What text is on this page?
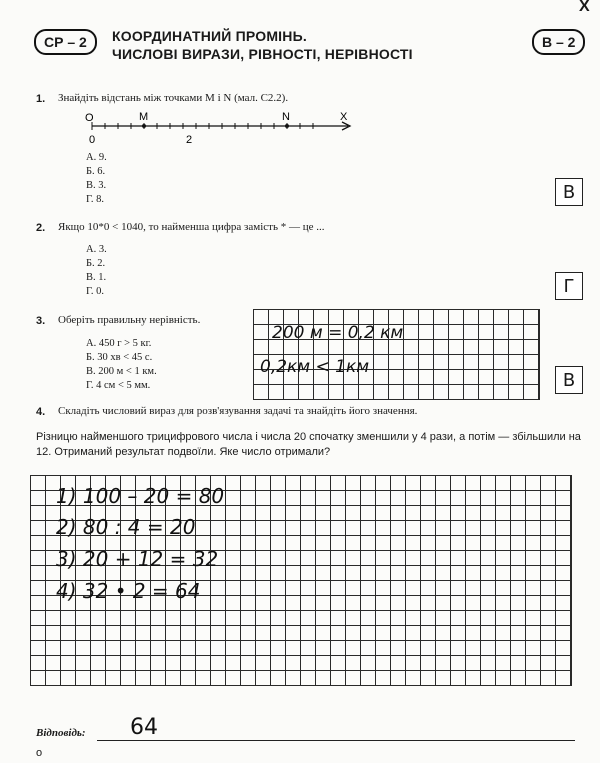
X
СР – 2	КООРДИНАТНИЙ ПРОМІНЬ.
ЧИСЛОВІ ВИРАЗИ, РІВНОСТІ, НЕРІВНОСТІ
В – 2
1. Знайдіть відстань між точками M і N (мал. С2.2).
O	M	N	X
0	2
А. 9.
Б. 6.
В. 3.
Г. 8.	В
2. Якщо 10*0 < 1040, то найменша цифра замість * — це ...
А. 3.
Б. 2.
В. 1.
Г. 0.	Г
3. Оберіть правильну нерівність.
А. 450 г > 5 кг.
Б. 30 хв < 45 с.
В. 200 м < 1 км.
Г. 4 см < 5 мм.
200 м = 0,2 км
0,2км < 1км
В
4. Складіть числовий вираз для розв'язування задачі та знайдіть його значення.
Різницю найменшого трицифрового числа і числа 20 спочатку зменшили у 4 рази, а потім — збільшили на 12. Отриманий результат подвоїли. Яке число отримали?
1) 100 – 20 = 80
2) 80 : 4 = 20
3) 20 + 12 = 32
4) 32 • 2 = 64
Відповідь: 64
o
